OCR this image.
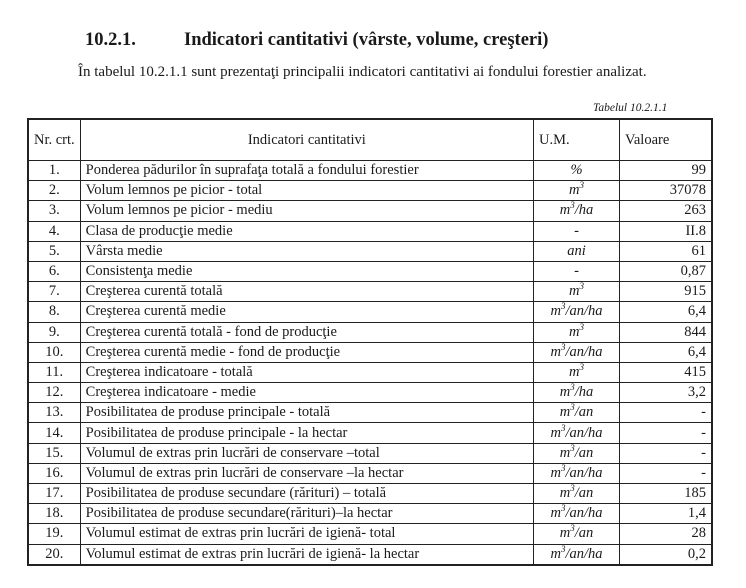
10.2.1.	Indicatori cantitativi (vârste, volume, creşteri)
În tabelul 10.2.1.1 sunt prezentaţi principalii indicatori cantitativi ai fondului forestier analizat.
Tabelul 10.2.1.1
Nr. crt.	Indicatori cantitativi	U.M.	Valoare
1.	Ponderea pădurilor în suprafaţa totală a fondului forestier	%	99
2.	Volum lemnos pe picior - total	$m^3$	37078
3.	Volum lemnos pe picior - mediu	$m^3/ha$	263
4.	Clasa de producţie medie	-	II.8
5.	Vârsta medie	ani	61
6.	Consistenţa medie	-	0,87
7.	Creşterea curentă totală	$m^3$	915
8.	Creşterea curentă medie	$m^3/an/ha$	6,4
9.	Creşterea curentă totală - fond de producţie	$m^3$	844
10.	Creşterea curentă medie - fond de producţie	$m^3/an/ha$	6,4
11.	Creşterea indicatoare - totală	$m^3$	415
12.	Creşterea indicatoare - medie	$m^3/ha$	3,2
13.	Posibilitatea de produse principale - totală	$m^3/an$	-
14.	Posibilitatea de produse principale - la hectar	$m^3/an/ha$	-
15.	Volumul de extras prin lucrări de conservare –total	$m^3/an$	-
16.	Volumul de extras prin lucrări de conservare –la hectar	$m^3/an/ha$	-
17.	Posibilitatea de produse secundare (rărituri) – totală	$m^3/an$	185
18.	Posibilitatea de produse secundare(rărituri)–la hectar	$m^3/an/ha$	1,4
19.	Volumul estimat de extras prin lucrări de igienă- total	$m^3/an$	28
20.	Volumul estimat de extras prin lucrări de igienă- la hectar	$m^3/an/ha$	0,2
